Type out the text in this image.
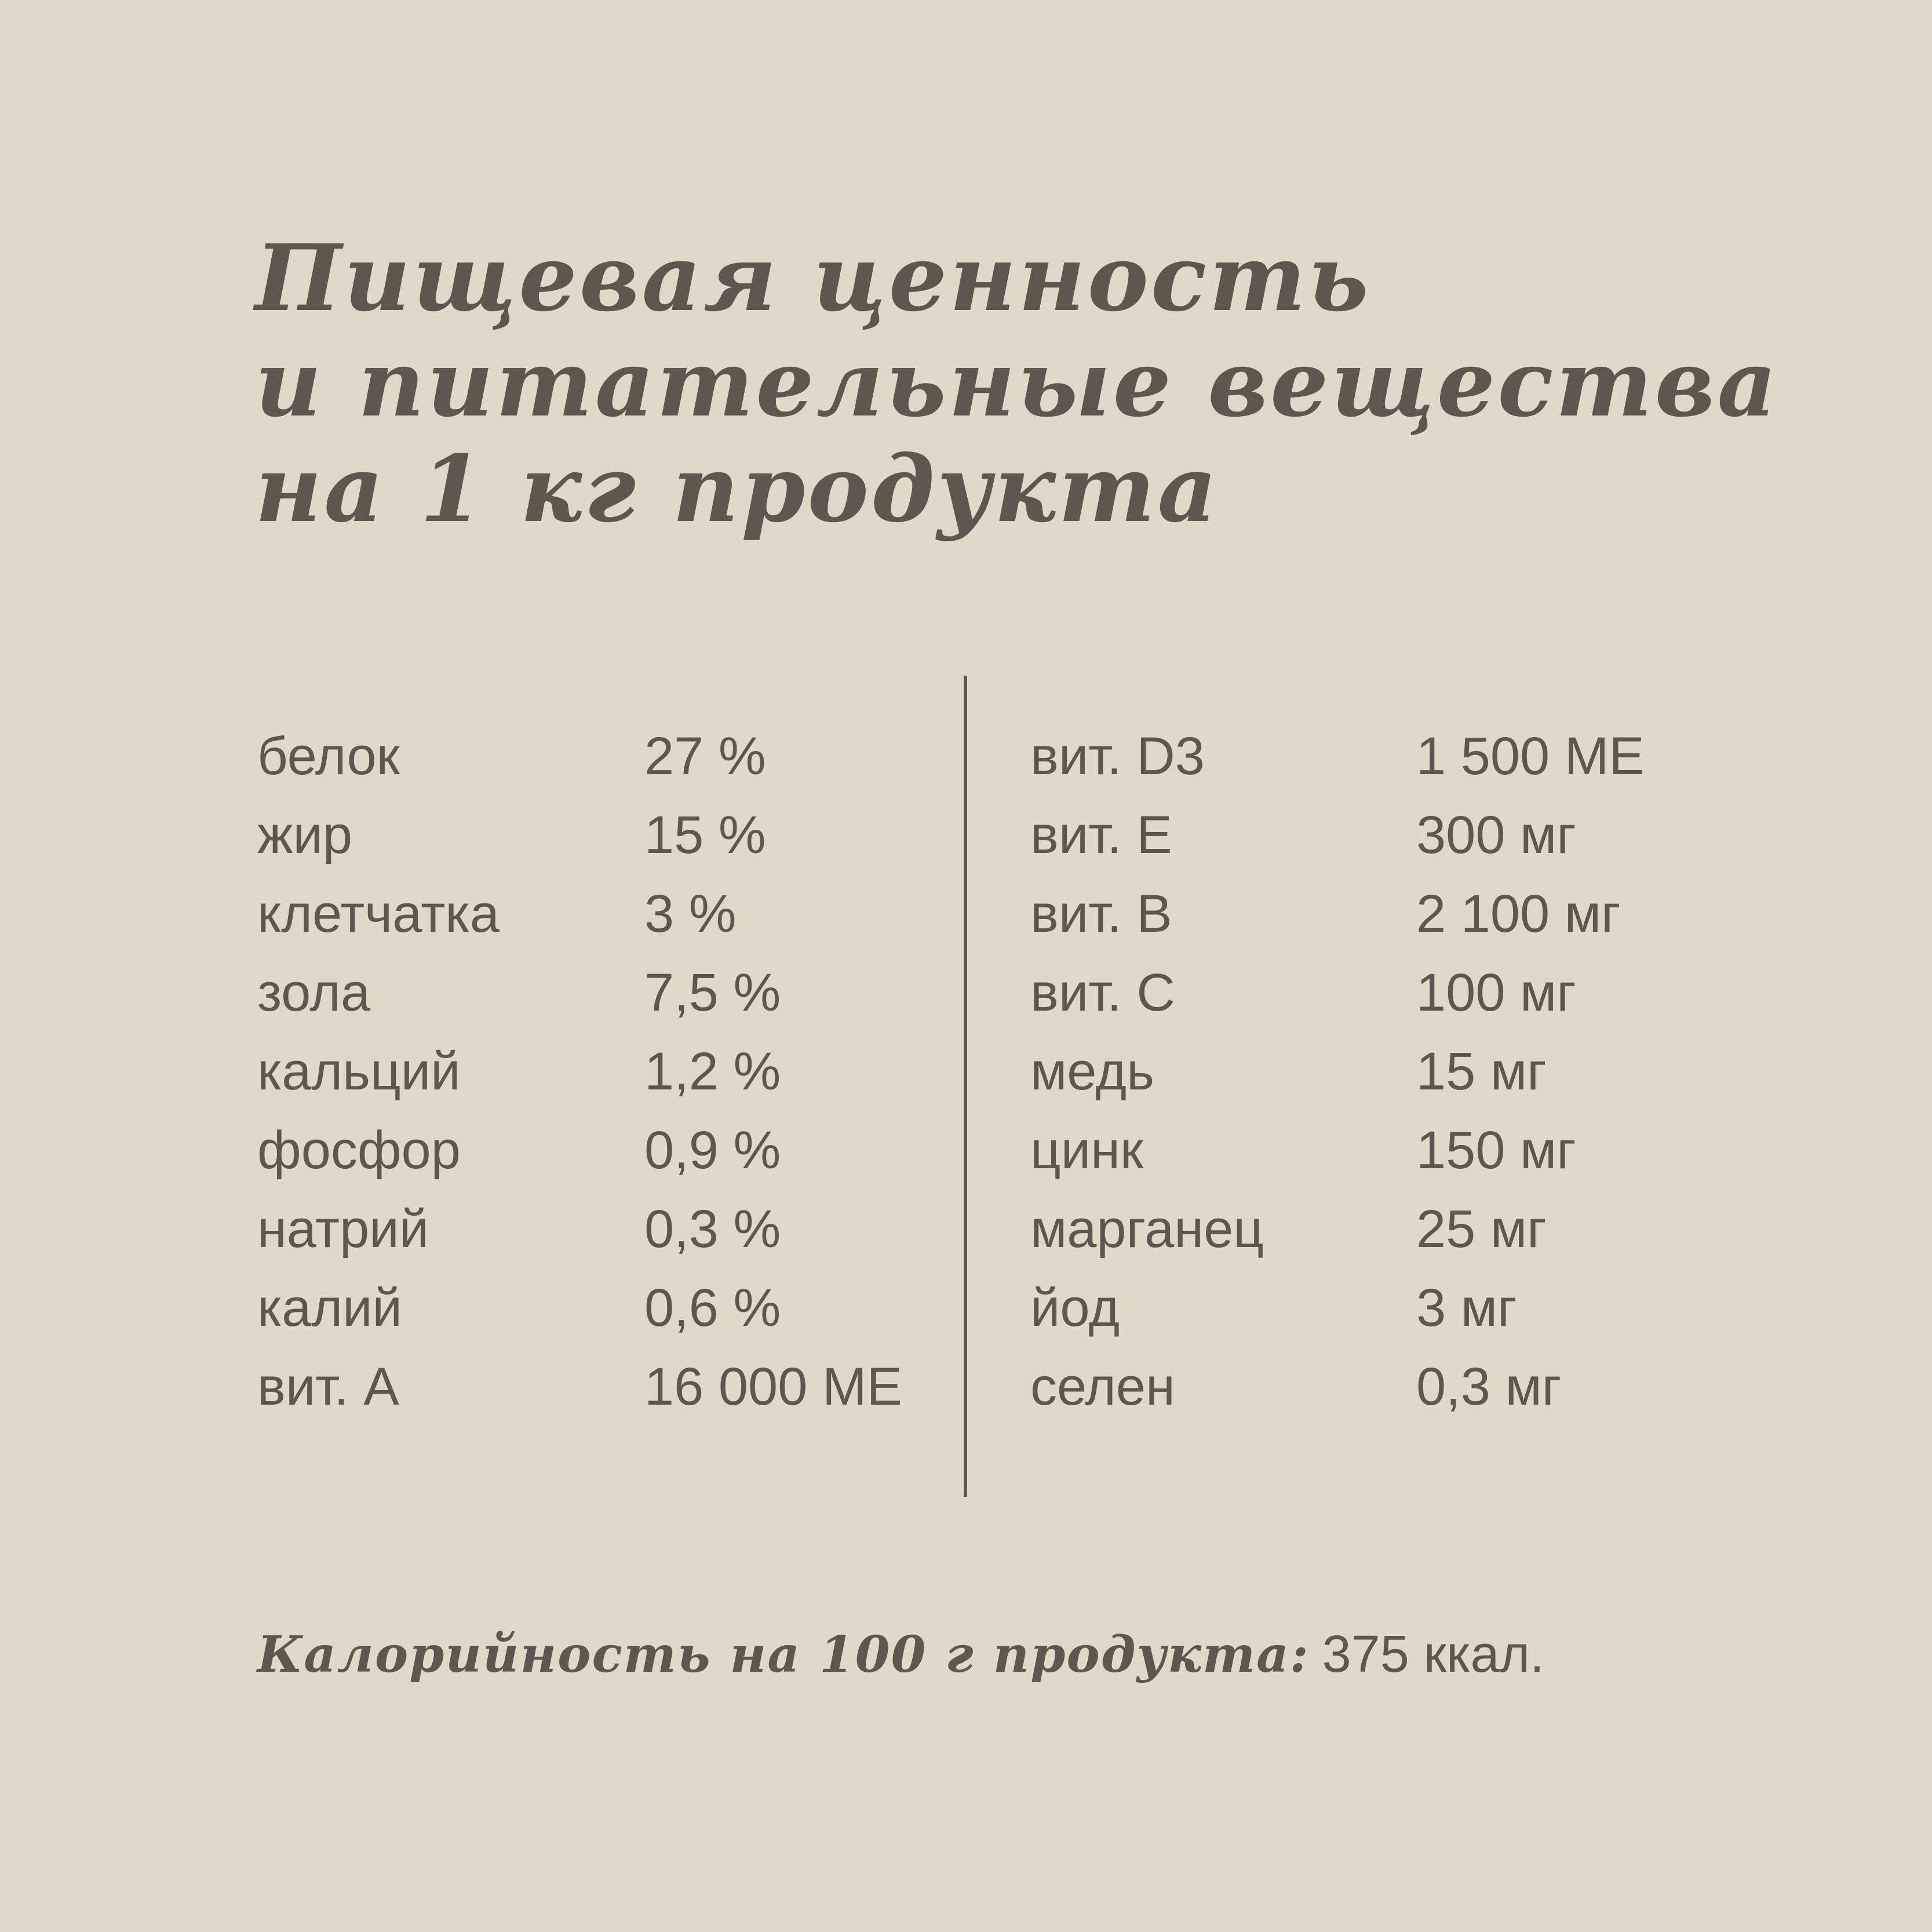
Пищевая ценность
и питательные вещества
на 1 кг продукта
белок	27 %
жир	15 %
клетчатка	3 %
зола	7,5 %
кальций	1,2 %
фосфор	0,9 %
натрий	0,3 %
калий	0,6 %
вит. А	16 000 МЕ
вит. D3	1 500 МЕ
вит. Е	300 мг
вит. В	2 100 мг
вит. С	100 мг
медь	15 мг
цинк	150 мг
марганец	25 мг
йод	3 мг
селен	0,3 мг
Калорийность на 100 г продукта: 375 ккал.
